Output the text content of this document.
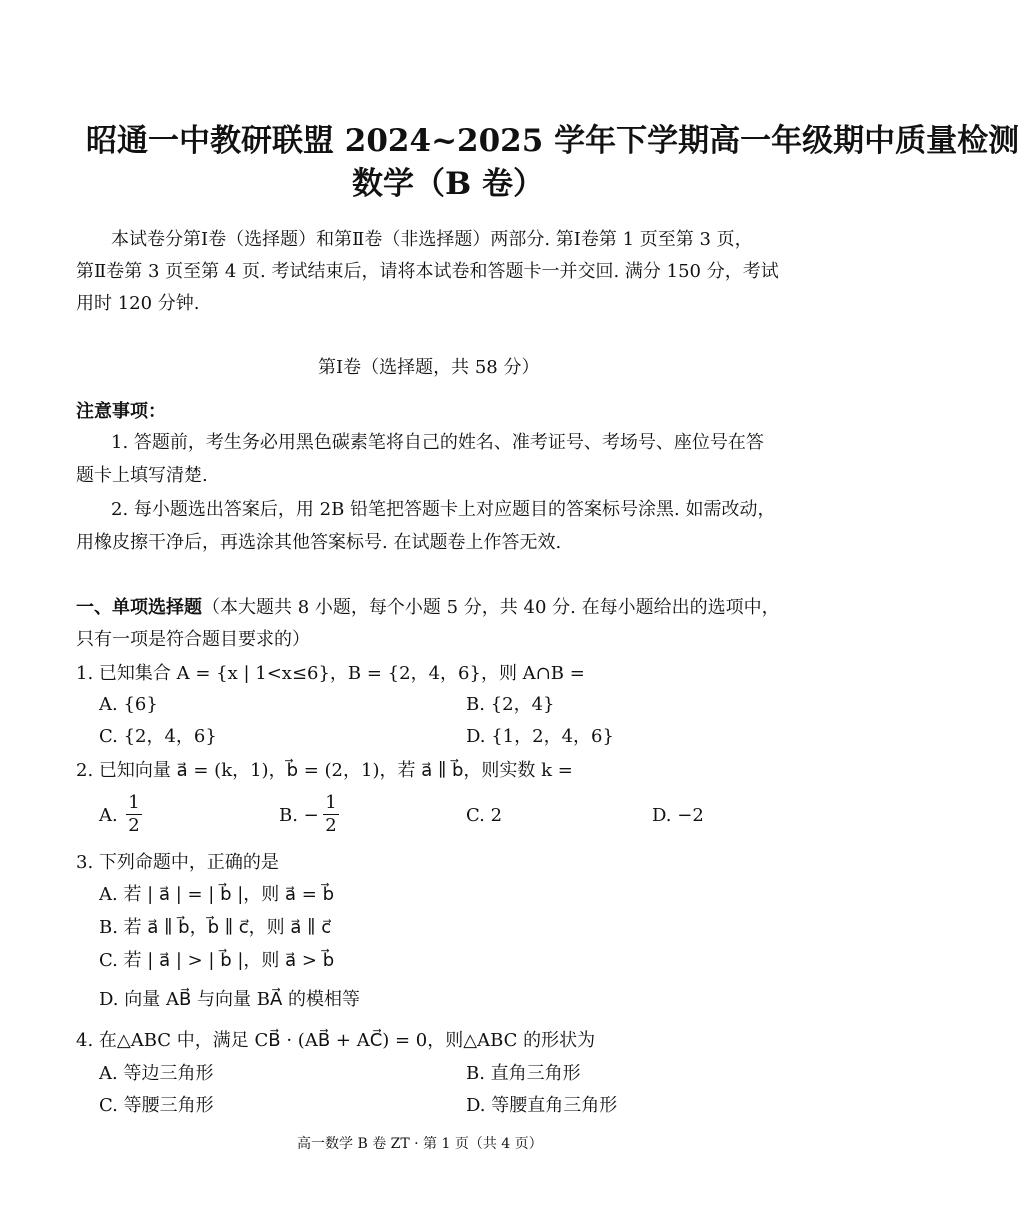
昭通一中教研联盟 2024~2025 学年下学期高一年级期中质量检测
数学（B 卷）
本试卷分第Ⅰ卷（选择题）和第Ⅱ卷（非选择题）两部分. 第Ⅰ卷第 1 页至第 3 页，
第Ⅱ卷第 3 页至第 4 页. 考试结束后，请将本试卷和答题卡一并交回. 满分 150 分，考试
用时 120 分钟.
第Ⅰ卷（选择题，共 58 分）
注意事项：
1. 答题前，考生务必用黑色碳素笔将自己的姓名、准考证号、考场号、座位号在答
题卡上填写清楚.
2. 每小题选出答案后，用 2B 铅笔把答题卡上对应题目的答案标号涂黑. 如需改动，
用橡皮擦干净后，再选涂其他答案标号. 在试题卷上作答无效.
一、单项选择题（本大题共 8 小题，每个小题 5 分，共 40 分. 在每小题给出的选项中，
只有一项是符合题目要求的）
1. 已知集合 A = {x | 1<x≤6}，B = {2，4，6}，则 A∩B =
A. {6}	B. {2，4}
C. {2，4，6}	D. {1，2，4，6}
2. 已知向量 a⃗ = (k，1)，b⃗ = (2，1)，若 a⃗ ∥ b⃗，则实数 k =
A.
1
2	B. −
1
2	C. 2	D. −2
3. 下列命题中，正确的是
A. 若 | a⃗ | = | b⃗ |，则 a⃗ = b⃗
B. 若 a⃗ ∥ b⃗，b⃗ ∥ c⃗，则 a⃗ ∥ c⃗
C. 若 | a⃗ | > | b⃗ |，则 a⃗ > b⃗
D. 向量 AB⃗ 与向量 BA⃗ 的模相等
4. 在△ABC 中，满足 CB⃗ · (AB⃗ + AC⃗) = 0，则△ABC 的形状为
A. 等边三角形	B. 直角三角形
C. 等腰三角形	D. 等腰直角三角形
高一数学 B 卷 ZT · 第 1 页（共 4 页）
